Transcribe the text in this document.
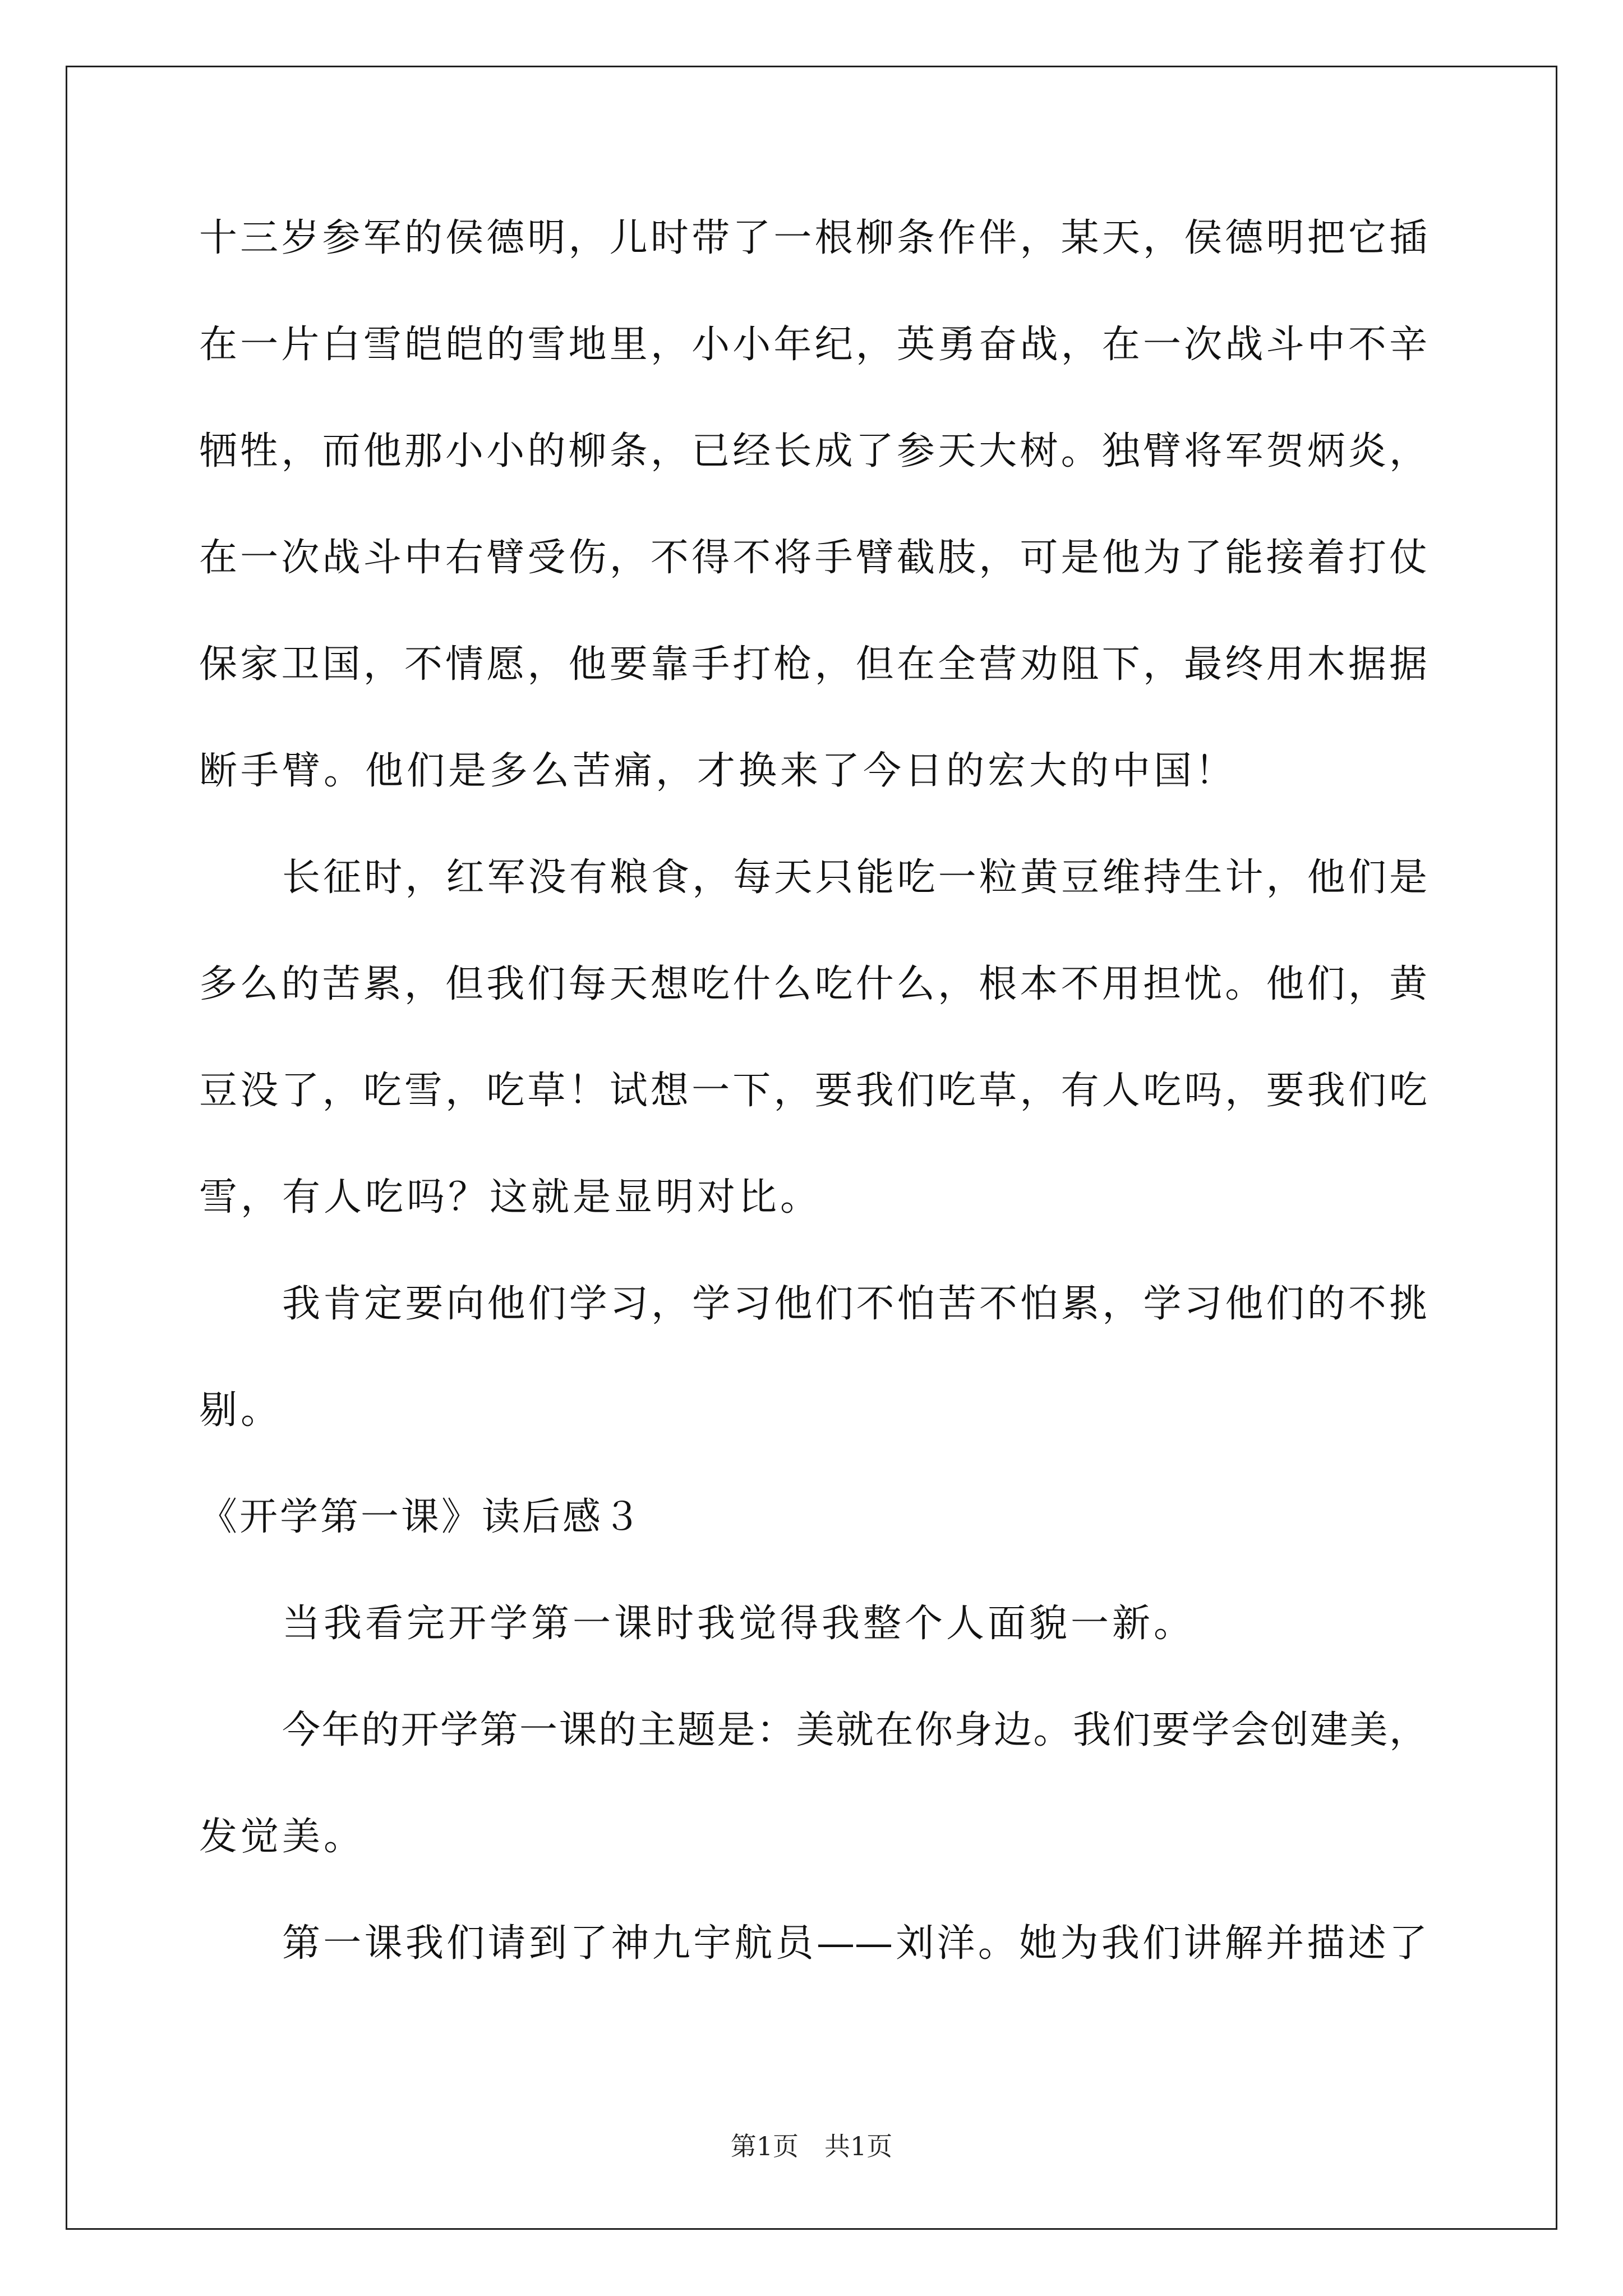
十三岁参军的侯德明，儿时带了一根柳条作伴，某天，侯德明把它插
在一片白雪皑皑的雪地里，小小年纪，英勇奋战，在一次战斗中不辛
牺牲，而他那小小的柳条，已经长成了参天大树。独臂将军贺炳炎，
在一次战斗中右臂受伤，不得不将手臂截肢，可是他为了能接着打仗
保家卫国，不情愿，他要靠手打枪，但在全营劝阻下，最终用木据据
断手臂。他们是多么苦痛，才换来了今日的宏大的中国！
长征时，红军没有粮食，每天只能吃一粒黄豆维持生计，他们是
多么的苦累，但我们每天想吃什么吃什么，根本不用担忧。他们，黄
豆没了，吃雪，吃草！试想一下，要我们吃草，有人吃吗，要我们吃
雪，有人吃吗？这就是显明对比。
我肯定要向他们学习，学习他们不怕苦不怕累，学习他们的不挑
剔。
《开学第一课》读后感３
当我看完开学第一课时我觉得我整个人面貌一新。
今年的开学第一课的主题是：美就在你身边。我们要学会创建美，
发觉美。
第一课我们请到了神九宇航员——刘洋。她为我们讲解并描述了
第1页　共1页
